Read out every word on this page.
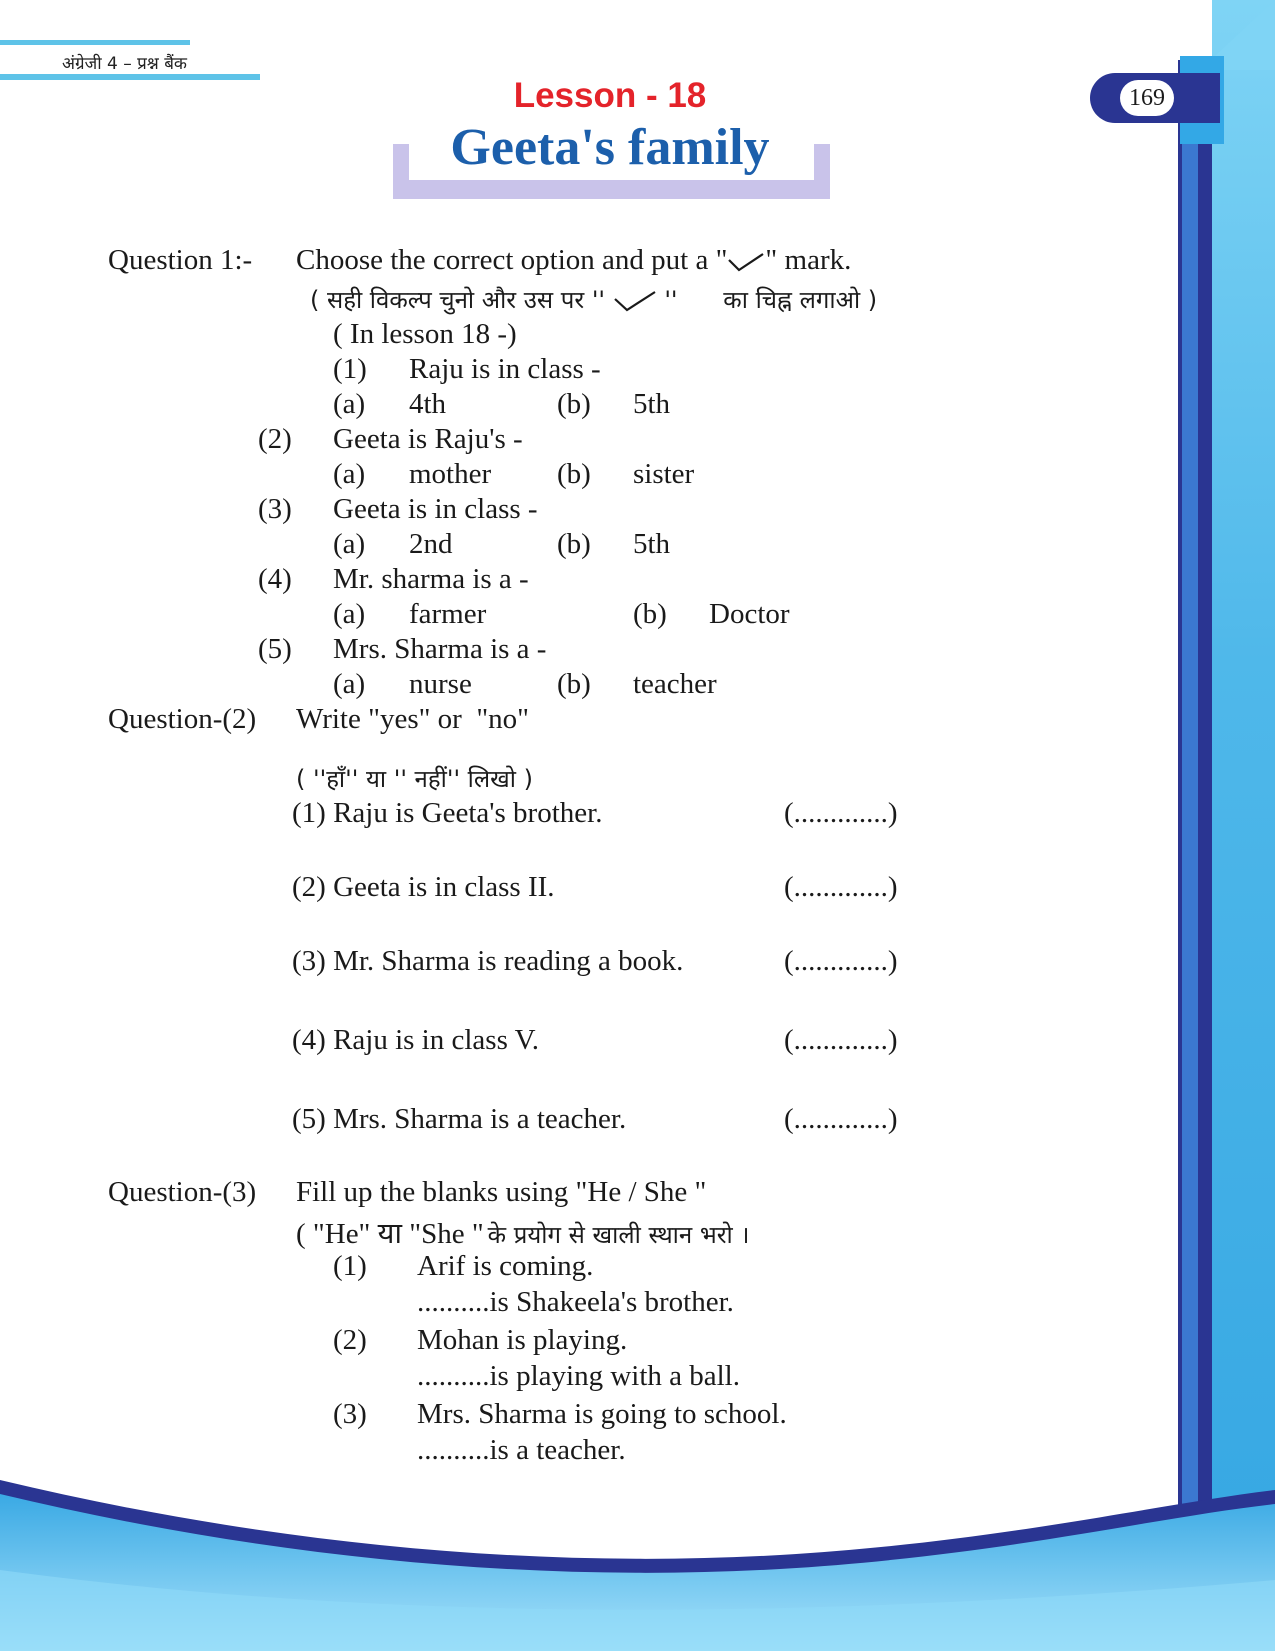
169
अंग्रेजी 4 – प्रश्न बैंक
Lesson - 18
Geeta's family
Question 1:- Choose the correct option and put a " " mark.
( सही विकल्प चुनो और उस पर '' ''      का चिह्न लगाओ )
( In lesson 18 -)
(1) Raju is in class -
(a) 4th	(b) 5th
(2) Geeta is Raju's -
(a) mother (b) sister
(3) Geeta is in class -
(a) 2nd	(b) 5th
(4) Mr. sharma is a -
(a) farmer	(b) Doctor
(5) Mrs. Sharma is a -
(a) nurse	(b) teacher
Question-(2) Write "yes" or  "no"
( ''हाँ'' या '' नहीं'' लिखो )
(1) Raju is Geeta's brother.	(.............)
(2) Geeta is in class II.	(.............)
(3) Mr. Sharma is reading a book.	(.............)
(4) Raju is in class V.	(.............)
(5) Mrs. Sharma is a teacher.	(.............)
Question-(3) Fill up the blanks using "He / She "
( "He" या "She " के प्रयोग से खाली स्थान भरो ।
(1) Arif is coming.
..........is Shakeela's brother.
(2) Mohan is playing.
..........is playing with a ball.
(3) Mrs. Sharma is going to school.
..........is a teacher.
